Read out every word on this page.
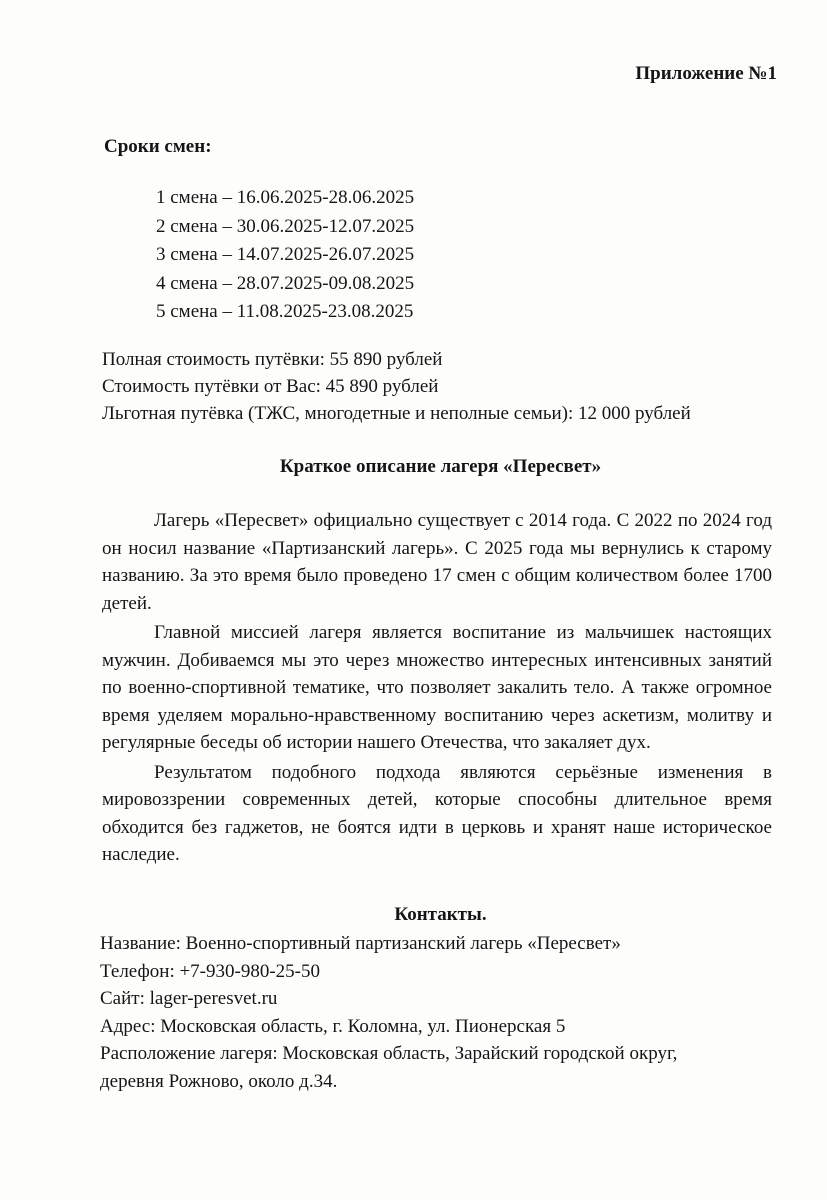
Приложение №1

Сроки смен:

1 смена – 16.06.2025-28.06.2025
2 смена – 30.06.2025-12.07.2025
3 смена – 14.07.2025-26.07.2025
4 смена – 28.07.2025-09.08.2025
5 смена – 11.08.2025-23.08.2025

Полная стоимость путёвки: 55 890 рублей

Стоимость путёвки от Вас: 45 890 рублей

Льготная путёвка (ТЖС, многодетные и неполные семьи): 12 000 рублей

Краткое описание лагеря «Пересвет»

Лагерь «Пересвет» официально существует с 2014 года. С 2022 по 2024 год он носил название «Партизанский лагерь». С 2025 года мы вернулись к старому названию. За это время было проведено 17 смен с общим количеством более 1700 детей.

Главной миссией лагеря является воспитание из мальчишек настоящих мужчин. Добиваемся мы это через множество интересных интенсивных занятий по военно-спортивной тематике, что позволяет закалить тело. А также огромное время уделяем морально-нравственному воспитанию через аскетизм, молитву и регулярные беседы об истории нашего Отечества, что закаляет дух.

Результатом подобного подхода являются серьёзные изменения в мировоззрении современных детей, которые способны длительное время обходится без гаджетов, не боятся идти в церковь и хранят наше историческое наследие.

Контакты.

Название: Военно-спортивный партизанский лагерь «Пересвет»

Телефон: +7-930-980-25-50

Сайт: lager-peresvet.ru

Адрес: Московская область, г. Коломна, ул. Пионерская 5

Расположение лагеря: Московская область, Зарайский городской округ,

деревня Рожново, около д.34.
